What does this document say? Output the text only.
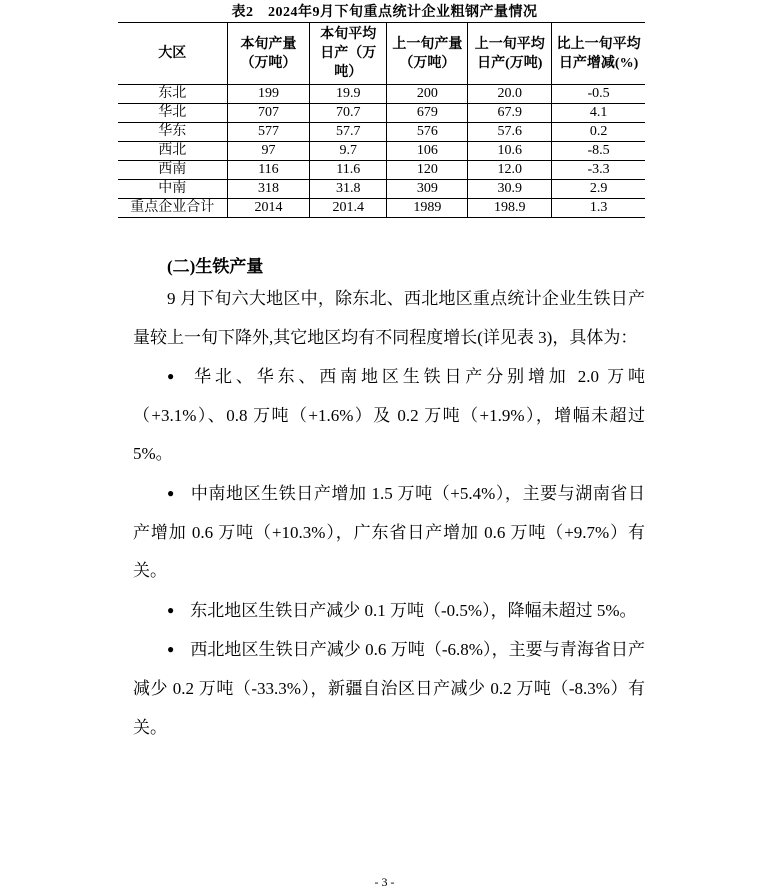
表2　2024年9月下旬重点统计企业粗钢产量情况
大区	本旬产量（万吨）	本旬平均日产（万吨）	上一旬产量（万吨）	上一旬平均日产(万吨)	比上一旬平均日产增减(%)
东北	199	19.9	200	20.0	-0.5
华北	707	70.7	679	67.9	4.1
华东	577	57.7	576	57.6	0.2
西北	97	9.7	106	10.6	-8.5
西南	116	11.6	120	12.0	-3.3
中南	318	31.8	309	30.9	2.9
重点企业合计	2014	201.4	1989	198.9	1.3
(二)生铁产量

9 月下旬六大地区中，除东北、西北地区重点统计企业生铁日产量较上一旬下降外,其它地区均有不同程度增长(详见表 3)，具体为：

● 华北、华东、西南地区生铁日产分别增加 2.0 万吨（+3.1%）、0.8 万吨（+1.6%）及 0.2 万吨（+1.9%），增幅未超过 5%。

● 中南地区生铁日产增加 1.5 万吨（+5.4%），主要与湖南省日产增加 0.6 万吨（+10.3%），广东省日产增加 0.6 万吨（+9.7%）有关。

● 东北地区生铁日产减少 0.1 万吨（-0.5%），降幅未超过 5%。

● 西北地区生铁日产减少 0.6 万吨（-6.8%），主要与青海省日产减少 0.2 万吨（-33.3%），新疆自治区日产减少 0.2 万吨（-8.3%）有关。

- 3 -
